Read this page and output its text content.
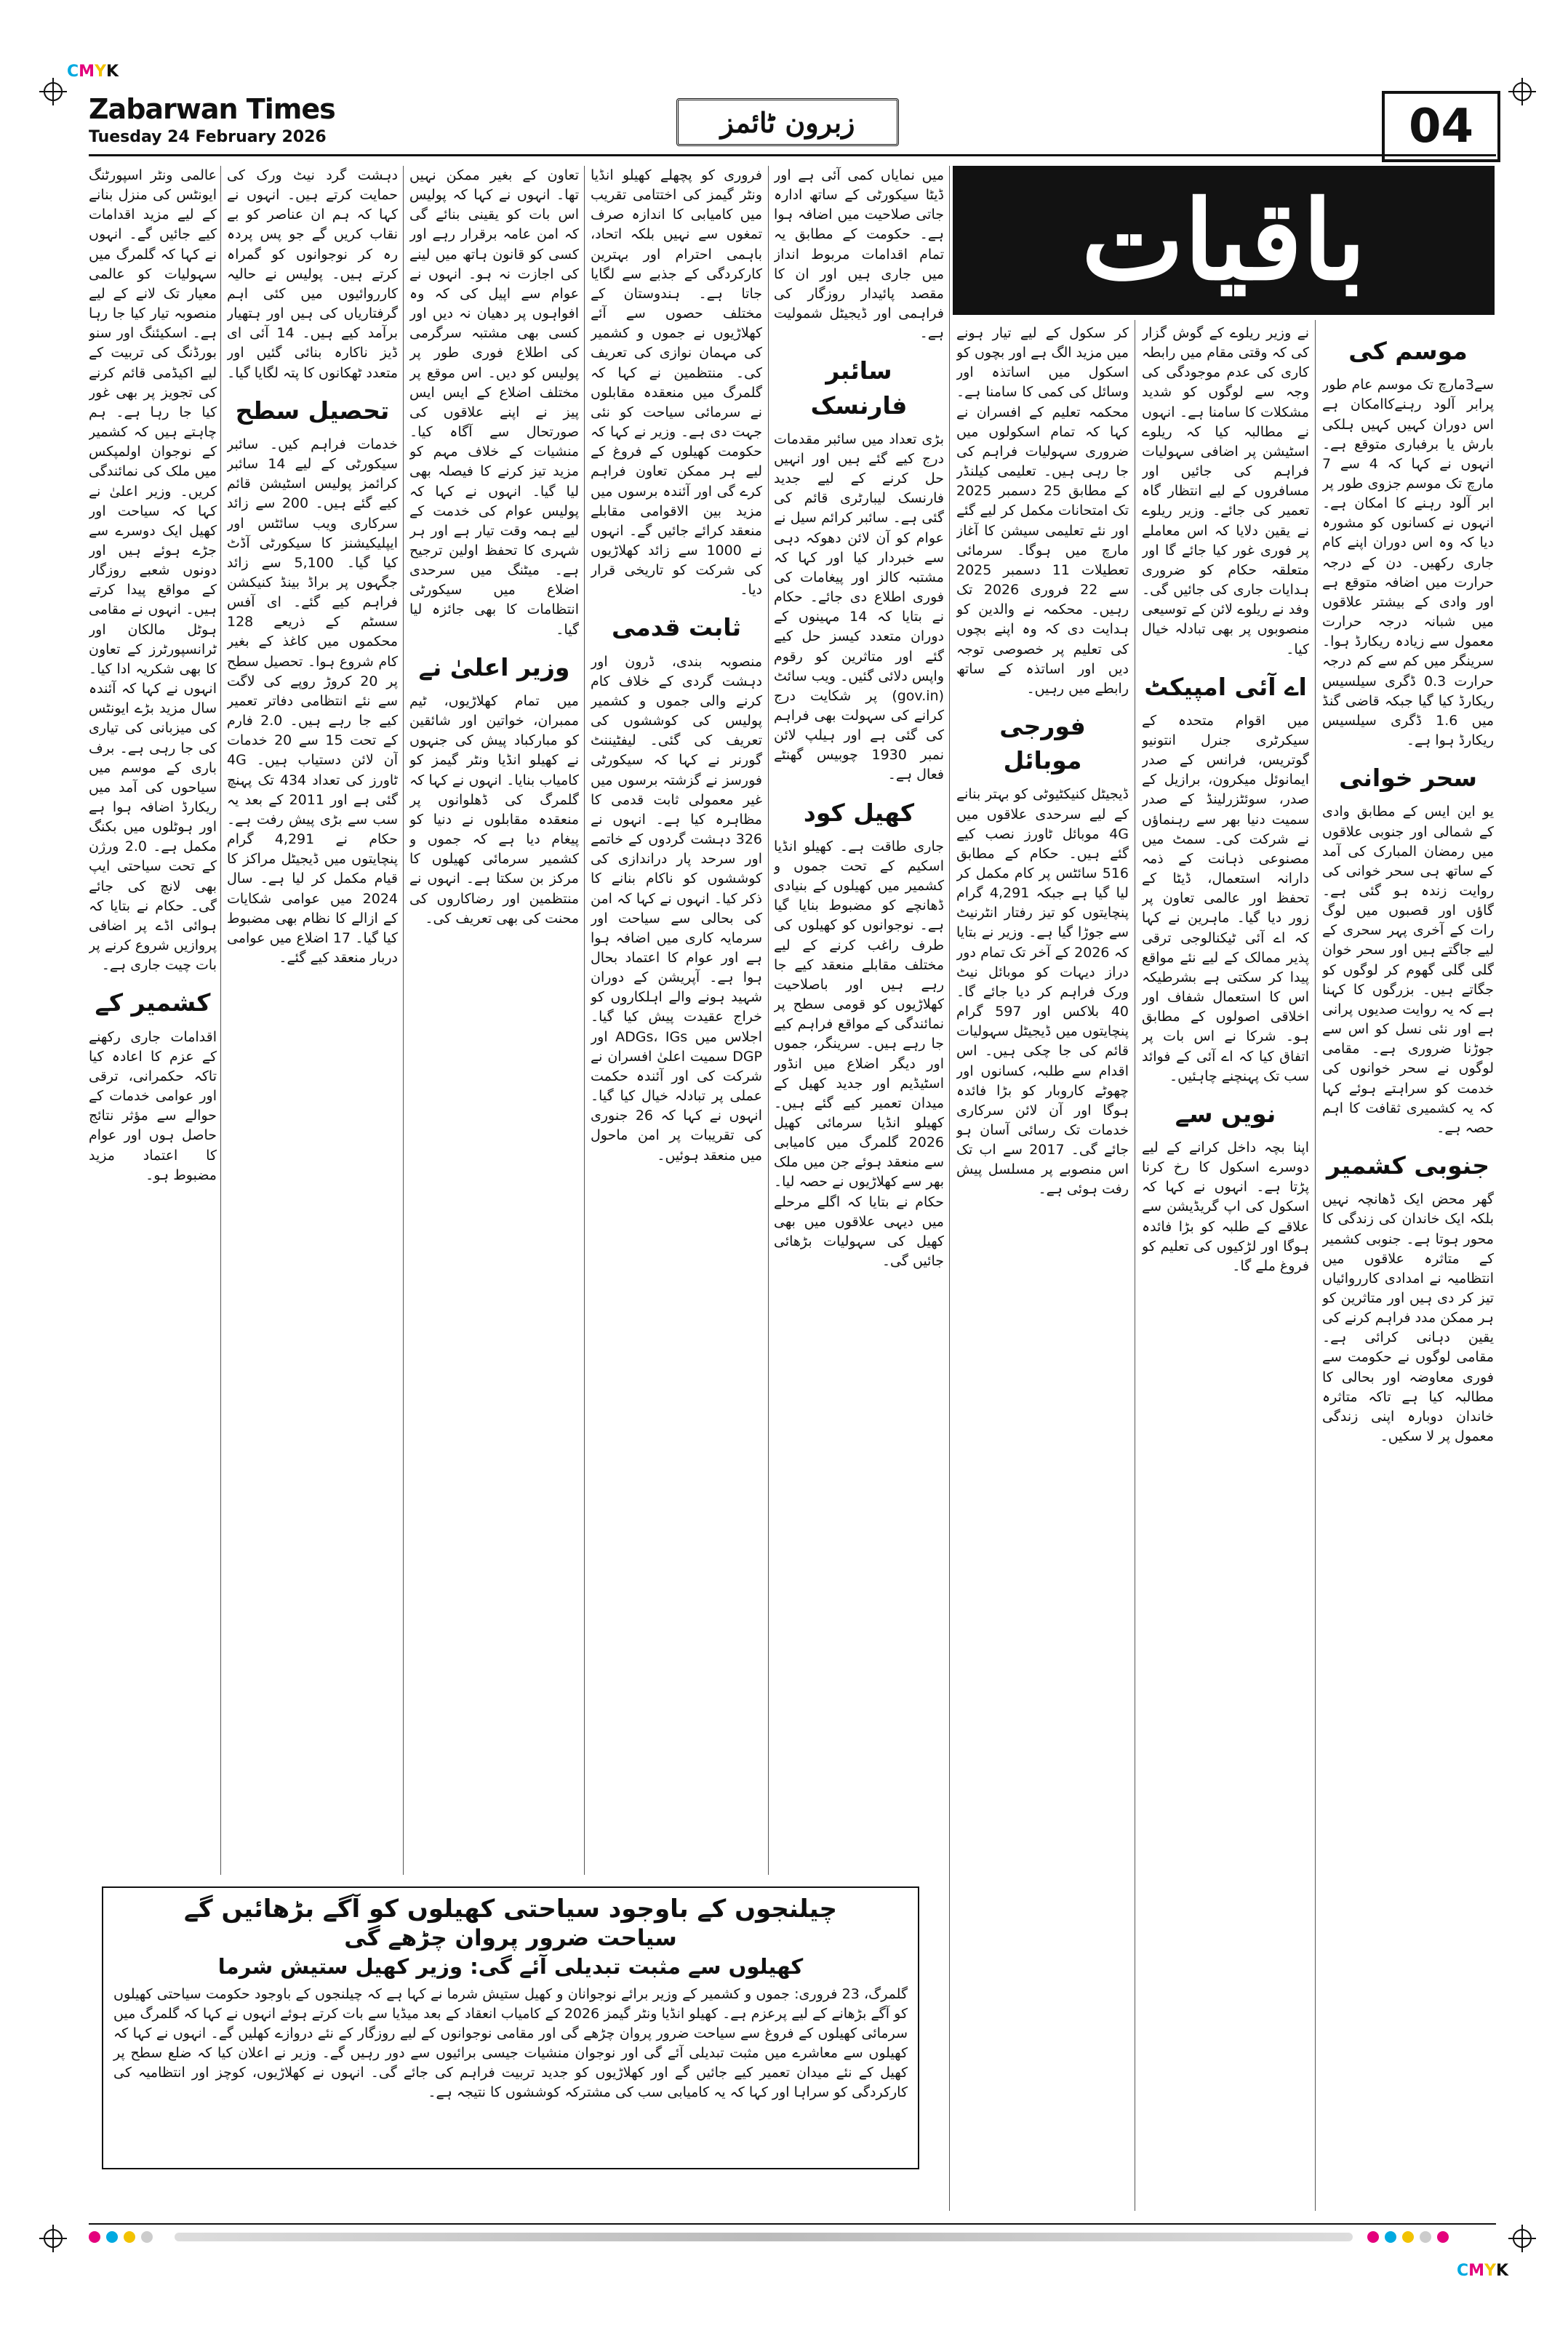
CMYK
CMYK
Zabarwan Times
Tuesday 24 February 2026	زبرون ٹائمز	04
باقیات
موسم کی

سے3مارچ تک موسم عام طور پرابر آلود رہنےکاامکان ہے اس دوران کہیں کہیں ہلکی بارش یا برفباری متوقع ہے۔ انہوں نے کہا کہ 4 سے 7 مارچ تک موسم جزوی طور پر ابر آلود رہنے کا امکان ہے۔ انہوں نے کسانوں کو مشورہ دیا کہ وہ اس دوران اپنے کام جاری رکھیں۔ دن کے درجہ حرارت میں اضافہ متوقع ہے اور وادی کے بیشتر علاقوں میں شبانہ درجہ حرارت معمول سے زیادہ ریکارڈ ہوا۔ سرینگر میں کم سے کم درجہ حرارت 0.3 ڈگری سیلسیس ریکارڈ کیا گیا جبکہ قاضی گنڈ میں 1.6 ڈگری سیلسیس ریکارڈ ہوا ہے۔

سحر خوانی

یو این ایس کے مطابق وادی کے شمالی اور جنوبی علاقوں میں رمضان المبارک کی آمد کے ساتھ ہی سحر خوانی کی روایت زندہ ہو گئی ہے۔ گاؤں اور قصبوں میں لوگ رات کے آخری پہر سحری کے لیے جاگتے ہیں اور سحر خوان گلی گلی گھوم کر لوگوں کو جگاتے ہیں۔ بزرگوں کا کہنا ہے کہ یہ روایت صدیوں پرانی ہے اور نئی نسل کو اس سے جوڑنا ضروری ہے۔ مقامی لوگوں نے سحر خوانوں کی خدمت کو سراہتے ہوئے کہا کہ یہ کشمیری ثقافت کا اہم حصہ ہے۔

جنوبی کشمیر

گھر محض ایک ڈھانچہ نہیں بلکہ ایک خاندان کی زندگی کا محور ہوتا ہے۔ جنوبی کشمیر کے متاثرہ علاقوں میں انتظامیہ نے امدادی کارروائیاں تیز کر دی ہیں اور متاثرین کو ہر ممکن مدد فراہم کرنے کی یقین دہانی کرائی ہے۔ مقامی لوگوں نے حکومت سے فوری معاوضہ اور بحالی کا مطالبہ کیا ہے تاکہ متاثرہ خاندان دوبارہ اپنی زندگی معمول پر لا سکیں۔

نے وزیر ریلوے کے گوش گزار کی کہ وقتی مقام میں رابطہ کاری کی عدم موجودگی کی وجہ سے لوگوں کو شدید مشکلات کا سامنا ہے۔ انہوں نے مطالبہ کیا کہ ریلوے اسٹیشن پر اضافی سہولیات فراہم کی جائیں اور مسافروں کے لیے انتظار گاہ تعمیر کی جائے۔ وزیر ریلوے نے یقین دلایا کہ اس معاملے پر فوری غور کیا جائے گا اور متعلقہ حکام کو ضروری ہدایات جاری کی جائیں گی۔ وفد نے ریلوے لائن کے توسیعی منصوبوں پر بھی تبادلہ خیال کیا۔

اے آئی امپیکٹ

میں اقوام متحدہ کے سیکرٹری جنرل انتونیو گوتریس، فرانس کے صدر ایمانوئل میکرون، برازیل کے صدر، سوئٹزرلینڈ کے صدر سمیت دنیا بھر سے رہنماؤں نے شرکت کی۔ سمٹ میں مصنوعی ذہانت کے ذمہ دارانہ استعمال، ڈیٹا کے تحفظ اور عالمی تعاون پر زور دیا گیا۔ ماہرین نے کہا کہ اے آئی ٹیکنالوجی ترقی پذیر ممالک کے لیے نئے مواقع پیدا کر سکتی ہے بشرطیکہ اس کا استعمال شفاف اور اخلاقی اصولوں کے مطابق ہو۔ شرکا نے اس بات پر اتفاق کیا کہ اے آئی کے فوائد سب تک پہنچنے چاہئیں۔

نویں سے

اپنا بچہ داخل کرانے کے لیے دوسرے اسکول کا رخ کرنا پڑتا ہے۔ انہوں نے کہا کہ اسکول کی اپ گریڈیشن سے علاقے کے طلبہ کو بڑا فائدہ ہوگا اور لڑکیوں کی تعلیم کو فروغ ملے گا۔

کر سکول کے لیے تیار ہونے میں مزید الگ ہے اور بچوں کو اسکول میں اساتذہ اور وسائل کی کمی کا سامنا ہے۔ محکمہ تعلیم کے افسران نے کہا کہ تمام اسکولوں میں ضروری سہولیات فراہم کی جا رہی ہیں۔ تعلیمی کیلنڈر کے مطابق 25 دسمبر 2025 تک امتحانات مکمل کر لیے گئے اور نئے تعلیمی سیشن کا آغاز مارچ میں ہوگا۔ سرمائی تعطیلات 11 دسمبر 2025 سے 22 فروری 2026 تک رہیں۔ محکمہ نے والدین کو ہدایت دی کہ وہ اپنے بچوں کی تعلیم پر خصوصی توجہ دیں اور اساتذہ کے ساتھ رابطے میں رہیں۔

فورجی موبائل

ڈیجیٹل کنیکٹیوٹی کو بہتر بنانے کے لیے سرحدی علاقوں میں 4G موبائل ٹاورز نصب کیے گئے ہیں۔ حکام کے مطابق 516 سائٹس پر کام مکمل کر لیا گیا ہے جبکہ 4,291 گرام پنچایتوں کو تیز رفتار انٹرنیٹ سے جوڑا گیا ہے۔ وزیر نے بتایا کہ 2026 کے آخر تک تمام دور دراز دیہات کو موبائل نیٹ ورک فراہم کر دیا جائے گا۔ 40 بلاکس اور 597 گرام پنچایتوں میں ڈیجیٹل سہولیات قائم کی جا چکی ہیں۔ اس اقدام سے طلبہ، کسانوں اور چھوٹے کاروبار کو بڑا فائدہ ہوگا اور آن لائن سرکاری خدمات تک رسائی آسان ہو جائے گی۔ 2017 سے اب تک اس منصوبے پر مسلسل پیش رفت ہوئی ہے۔

میں نمایاں کمی آئی ہے اور ڈیٹا سیکورٹی کے ساتھ ادارہ جاتی صلاحیت میں اضافہ ہوا ہے۔ حکومت کے مطابق یہ تمام اقدامات مربوط انداز میں جاری ہیں اور ان کا مقصد پائیدار روزگار کی فراہمی اور ڈیجیٹل شمولیت ہے۔

سائبر فارنسک

بڑی تعداد میں سائبر مقدمات درج کیے گئے ہیں اور انہیں حل کرنے کے لیے جدید فارنسک لیبارٹری قائم کی گئی ہے۔ سائبر کرائم سیل نے عوام کو آن لائن دھوکہ دہی سے خبردار کیا اور کہا کہ مشتبہ کالز اور پیغامات کی فوری اطلاع دی جائے۔ حکام نے بتایا کہ 14 مہینوں کے دوران متعدد کیسز حل کیے گئے اور متاثرین کو رقوم واپس دلائی گئیں۔ ویب سائٹ (gov.in) پر شکایت درج کرانے کی سہولت بھی فراہم کی گئی ہے اور ہیلپ لائن نمبر 1930 چوبیس گھنٹے فعال ہے۔

کھیل کود

جاری طاقت ہے۔ کھیلو انڈیا اسکیم کے تحت جموں و کشمیر میں کھیلوں کے بنیادی ڈھانچے کو مضبوط بنایا گیا ہے۔ نوجوانوں کو کھیلوں کی طرف راغب کرنے کے لیے مختلف مقابلے منعقد کیے جا رہے ہیں اور باصلاحیت کھلاڑیوں کو قومی سطح پر نمائندگی کے مواقع فراہم کیے جا رہے ہیں۔ سرینگر، جموں اور دیگر اضلاع میں انڈور اسٹیڈیم اور جدید کھیل کے میدان تعمیر کیے گئے ہیں۔ کھیلو انڈیا سرمائی کھیل 2026 گلمرگ میں کامیابی سے منعقد ہوئے جن میں ملک بھر سے کھلاڑیوں نے حصہ لیا۔ حکام نے بتایا کہ اگلے مرحلے میں دیہی علاقوں میں بھی کھیل کی سہولیات بڑھائی جائیں گی۔

فروری کو پچھلے کھیلو انڈیا ونٹر گیمز کی اختتامی تقریب میں کامیابی کا اندازہ صرف تمغوں سے نہیں بلکہ اتحاد، باہمی احترام اور بہترین کارکردگی کے جذبے سے لگایا جاتا ہے۔ ہندوستان کے مختلف حصوں سے آئے کھلاڑیوں نے جموں و کشمیر کی مہمان نوازی کی تعریف کی۔ منتظمین نے کہا کہ گلمرگ میں منعقدہ مقابلوں نے سرمائی سیاحت کو نئی جہت دی ہے۔ وزیر نے کہا کہ حکومت کھیلوں کے فروغ کے لیے ہر ممکن تعاون فراہم کرے گی اور آئندہ برسوں میں مزید بین الاقوامی مقابلے منعقد کرائے جائیں گے۔ انہوں نے 1000 سے زائد کھلاڑیوں کی شرکت کو تاریخی قرار دیا۔

ثابت قدمی

منصوبہ بندی، ڈرون اور دہشت گردی کے خلاف کام کرنے والی جموں و کشمیر پولیس کی کوششوں کی تعریف کی گئی۔ لیفٹیننٹ گورنر نے کہا کہ سیکورٹی فورسز نے گزشتہ برسوں میں غیر معمولی ثابت قدمی کا مظاہرہ کیا ہے۔ انہوں نے 326 دہشت گردوں کے خاتمے اور سرحد پار دراندازی کی کوششوں کو ناکام بنانے کا ذکر کیا۔ انہوں نے کہا کہ امن کی بحالی سے سیاحت اور سرمایہ کاری میں اضافہ ہوا ہے اور عوام کا اعتماد بحال ہوا ہے۔ آپریشن کے دوران شہید ہونے والے اہلکاروں کو خراج عقیدت پیش کیا گیا۔ اجلاس میں ADGs، IGs اور DGP سمیت اعلیٰ افسران نے شرکت کی اور آئندہ حکمت عملی پر تبادلہ خیال کیا گیا۔ انہوں نے کہا کہ 26 جنوری کی تقریبات پر امن ماحول میں منعقد ہوئیں۔

تعاون کے بغیر ممکن نہیں تھا۔ انہوں نے کہا کہ پولیس اس بات کو یقینی بنائے گی کہ امن عامہ برقرار رہے اور کسی کو قانون ہاتھ میں لینے کی اجازت نہ ہو۔ انہوں نے عوام سے اپیل کی کہ وہ افواہوں پر دھیان نہ دیں اور کسی بھی مشتبہ سرگرمی کی اطلاع فوری طور پر پولیس کو دیں۔ اس موقع پر مختلف اضلاع کے ایس ایس پیز نے اپنے علاقوں کی صورتحال سے آگاہ کیا۔ منشیات کے خلاف مہم کو مزید تیز کرنے کا فیصلہ بھی لیا گیا۔ انہوں نے کہا کہ پولیس عوام کی خدمت کے لیے ہمہ وقت تیار ہے اور ہر شہری کا تحفظ اولین ترجیح ہے۔ میٹنگ میں سرحدی اضلاع میں سیکورٹی انتظامات کا بھی جائزہ لیا گیا۔

وزیر اعلیٰ نے

میں تمام کھلاڑیوں، ٹیم ممبران، خواتین اور شائقین کو مبارکباد پیش کی جنہوں نے کھیلو انڈیا ونٹر گیمز کو کامیاب بنایا۔ انہوں نے کہا کہ گلمرگ کی ڈھلوانوں پر منعقدہ مقابلوں نے دنیا کو پیغام دیا ہے کہ جموں و کشمیر سرمائی کھیلوں کا مرکز بن سکتا ہے۔ انہوں نے منتظمین اور رضاکاروں کی محنت کی بھی تعریف کی۔

دہشت گرد نیٹ ورک کی حمایت کرتے ہیں۔ انہوں نے کہا کہ ہم ان عناصر کو بے نقاب کریں گے جو پس پردہ رہ کر نوجوانوں کو گمراہ کرتے ہیں۔ پولیس نے حالیہ کارروائیوں میں کئی اہم گرفتاریاں کی ہیں اور ہتھیار برآمد کیے ہیں۔ 14 آئی ای ڈیز ناکارہ بنائی گئیں اور متعدد ٹھکانوں کا پتہ لگایا گیا۔

تحصیل سطح

خدمات فراہم کیں۔ سائبر سیکورٹی کے لیے 14 سائبر کرائمز پولیس اسٹیشن قائم کیے گئے ہیں۔ 200 سے زائد سرکاری ویب سائٹس اور ایپلیکیشنز کا سیکورٹی آڈٹ کیا گیا۔ 5,100 سے زائد جگہوں پر براڈ بینڈ کنیکشن فراہم کیے گئے۔ ای آفس سسٹم کے ذریعے 128 محکموں میں کاغذ کے بغیر کام شروع ہوا۔ تحصیل سطح پر 20 کروڑ روپے کی لاگت سے نئے انتظامی دفاتر تعمیر کیے جا رہے ہیں۔ 2.0 فارم کے تحت 15 سے 20 خدمات آن لائن دستیاب ہیں۔ 4G ٹاورز کی تعداد 434 تک پہنچ گئی ہے اور 2011 کے بعد یہ سب سے بڑی پیش رفت ہے۔ حکام نے 4,291 گرام پنچایتوں میں ڈیجیٹل مراکز کا قیام مکمل کر لیا ہے۔ سال 2024 میں عوامی شکایات کے ازالے کا نظام بھی مضبوط کیا گیا۔ 17 اضلاع میں عوامی دربار منعقد کیے گئے۔

عالمی ونٹر اسپورٹنگ ایونٹس کی منزل بنانے کے لیے مزید اقدامات کیے جائیں گے۔ انہوں نے کہا کہ گلمرگ میں سہولیات کو عالمی معیار تک لانے کے لیے منصوبہ تیار کیا جا رہا ہے۔ اسکیئنگ اور سنو بورڈنگ کی تربیت کے لیے اکیڈمی قائم کرنے کی تجویز پر بھی غور کیا جا رہا ہے۔ ہم چاہتے ہیں کہ کشمیر کے نوجوان اولمپکس میں ملک کی نمائندگی کریں۔ وزیر اعلیٰ نے کہا کہ سیاحت اور کھیل ایک دوسرے سے جڑے ہوئے ہیں اور دونوں شعبے روزگار کے مواقع پیدا کرتے ہیں۔ انہوں نے مقامی ہوٹل مالکان اور ٹرانسپورٹرز کے تعاون کا بھی شکریہ ادا کیا۔ انہوں نے کہا کہ آئندہ سال مزید بڑے ایونٹس کی میزبانی کی تیاری کی جا رہی ہے۔ برف باری کے موسم میں سیاحوں کی آمد میں ریکارڈ اضافہ ہوا ہے اور ہوٹلوں میں بکنگ مکمل ہے۔ 2.0 ورژن کے تحت سیاحتی ایپ بھی لانچ کی جائے گی۔ حکام نے بتایا کہ ہوائی اڈے پر اضافی پروازیں شروع کرنے پر بات چیت جاری ہے۔

کشمیر کے

اقدامات جاری رکھنے کے عزم کا اعادہ کیا تاکہ حکمرانی، ترقی اور عوامی خدمات کے حوالے سے مؤثر نتائج حاصل ہوں اور عوام کا اعتماد مزید مضبوط ہو۔

چیلنجوں کے باوجود سیاحتی کھیلوں کو آگے بڑھائیں گے
سیاحت ضرور پروان چڑھے گی
کھیلوں سے مثبت تبدیلی آئے گی: وزیر کھیل ستیش شرما
گلمرگ، 23 فروری: جموں و کشمیر کے وزیر برائے نوجوانان و کھیل ستیش شرما نے کہا ہے کہ چیلنجوں کے باوجود حکومت سیاحتی کھیلوں کو آگے بڑھانے کے لیے پرعزم ہے۔ کھیلو انڈیا ونٹر گیمز 2026 کے کامیاب انعقاد کے بعد میڈیا سے بات کرتے ہوئے انہوں نے کہا کہ گلمرگ میں سرمائی کھیلوں کے فروغ سے سیاحت ضرور پروان چڑھے گی اور مقامی نوجوانوں کے لیے روزگار کے نئے دروازے کھلیں گے۔ انہوں نے کہا کہ کھیلوں سے معاشرے میں مثبت تبدیلی آئے گی اور نوجوان منشیات جیسی برائیوں سے دور رہیں گے۔ وزیر نے اعلان کیا کہ ضلع سطح پر کھیل کے نئے میدان تعمیر کیے جائیں گے اور کھلاڑیوں کو جدید تربیت فراہم کی جائے گی۔ انہوں نے کھلاڑیوں، کوچز اور انتظامیہ کی کارکردگی کو سراہا اور کہا کہ یہ کامیابی سب کی مشترکہ کوششوں کا نتیجہ ہے۔
